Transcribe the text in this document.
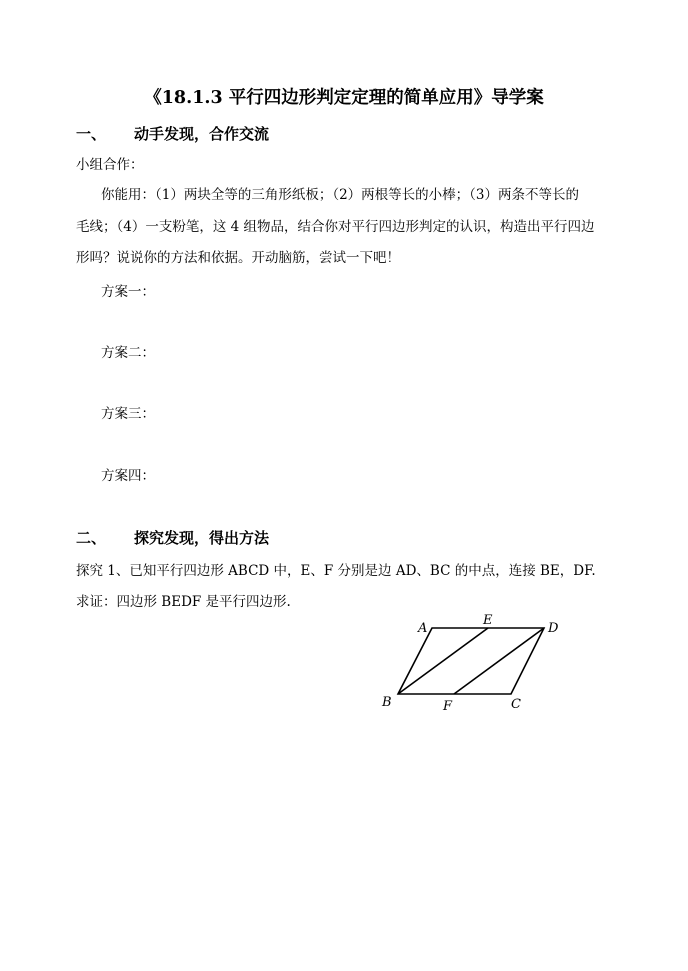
《18.1.3 平行四边形判定定理的简单应用》导学案
一、 动手发现，合作交流
小组合作：
你能用：（1）两块全等的三角形纸板；（2）两根等长的小棒；（3）两条不等长的
毛线；（4）一支粉笔，这 4 组物品，结合你对平行四边形判定的认识，构造出平行四边
形吗？说说你的方法和依据。开动脑筋，尝试一下吧！
方案一：
方案二：
方案三：
方案四：
二、 探究发现，得出方法
探究 1、已知平行四边形 ABCD 中，E、F 分别是边 AD、BC 的中点，连接 BE，DF.
求证：四边形 BEDF 是平行四边形.
A
E
D
B	F	C
